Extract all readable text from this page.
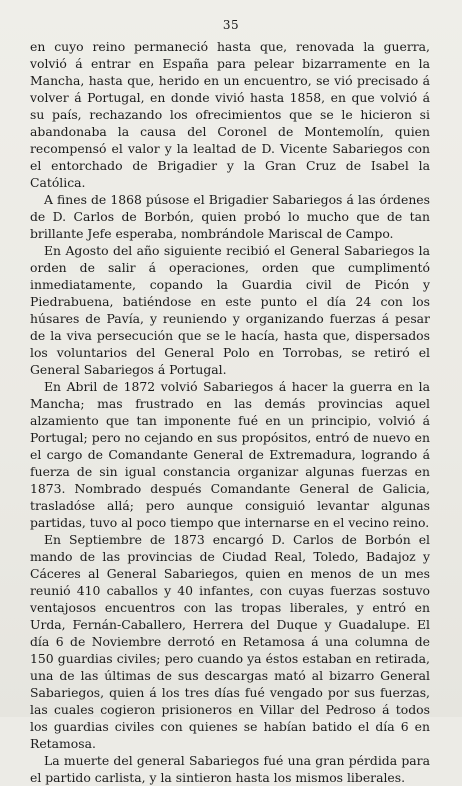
35

en cuyo reino permaneció hasta que, renovada la guerra, volvió á entrar en España para pelear bizarramente en la Mancha, hasta que, herido en un encuentro, se vió precisado á volver á Portugal, en donde vivió hasta 1858, en que volvió á su país, rechazando los ofrecimientos que se le hicieron si abandonaba la causa del Coronel de Montemolín, quien recompensó el valor y la lealtad de D. Vicente Sabariegos con el entorchado de Brigadier y la Gran Cruz de Isabel la Católica.

A fines de 1868 púsose el Brigadier Sabariegos á las órdenes de D. Carlos de Borbón, quien probó lo mucho que de tan brillante Jefe esperaba, nombrándole Mariscal de Campo.

En Agosto del año siguiente recibió el General Sabariegos la orden de salir á operaciones, orden que cumplimentó inmediatamente, copando la Guardia civil de Picón y Piedrabuena, batiéndose en este punto el día 24 con los húsares de Pavía, y reuniendo y organizando fuerzas á pesar de la viva persecución que se le hacía, hasta que, dispersados los voluntarios del General Polo en Torrobas, se retiró el General Sabariegos á Portugal.

En Abril de 1872 volvió Sabariegos á hacer la guerra en la Mancha; mas frustrado en las demás provincias aquel alzamiento que tan imponente fué en un principio, volvió á Portugal; pero no cejando en sus propósitos, entró de nuevo en el cargo de Comandante General de Extremadura, logrando á fuerza de sin igual constancia organizar algunas fuerzas en 1873. Nombrado después Comandante General de Galicia, trasladóse allá; pero aunque consiguió levantar algunas partidas, tuvo al poco tiempo que internarse en el vecino reino.

En Septiembre de 1873 encargó D. Carlos de Borbón el mando de las provincias de Ciudad Real, Toledo, Badajoz y Cáceres al General Sabariegos, quien en menos de un mes reunió 410 caballos y 40 infantes, con cuyas fuerzas sostuvo ventajosos encuentros con las tropas liberales, y entró en Urda, Fernán-Caballero, Herrera del Duque y Guadalupe. El día 6 de Noviembre derrotó en Retamosa á una columna de 150 guardias civiles; pero cuando ya éstos estaban en retirada, una de las últimas de sus descargas mató al bizarro General Sabariegos, quien á los tres días fué vengado por sus fuerzas, las cuales cogieron prisioneros en Villar del Pedroso á todos los guardias civiles con quienes se habían batido el día 6 en Retamosa.

La muerte del general Sabariegos fué una gran pérdida para el partido carlista, y la sintieron hasta los mismos liberales.
